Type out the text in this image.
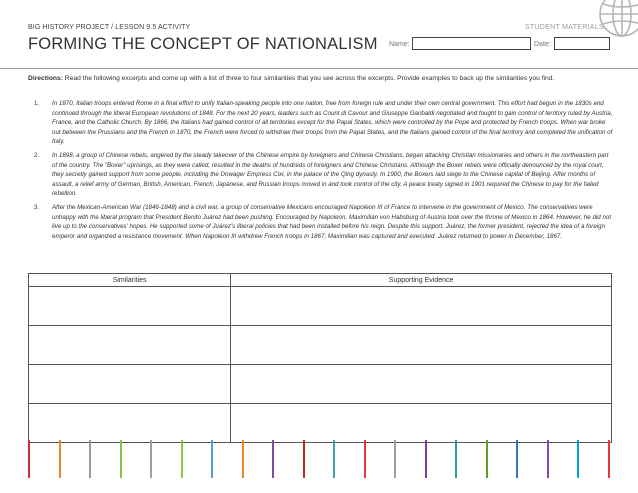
BIG HISTORY PROJECT / LESSON 9.5 ACTIVITY
FORMING THE CONCEPT OF NATIONALISM
STUDENT MATERIALS
Name:	Date:
Directions: Read the following excerpts and come up with a list of three to four similarities that you see across the excerpts. Provide examples to back up the similarities you find.
1. In 1870, Italian troops entered Rome in a final effort to unify Italian-speaking people into one nation, free from foreign rule and under their own central government. This effort had begun in the 1830s and continued through the liberal European revolutions of 1848. For the next 20 years, leaders such as Count di Cavour and Giuseppe Garibaldi negotiated and fought to gain control of territory ruled by Austria, France, and the Catholic Church. By 1866, the Italians had gained control of all territories except for the Papal States, which were controlled by the Pope and protected by French troops. When war broke out between the Prussians and the French in 1870, the French were forced to withdraw their troops from the Papal States, and the Italians gained control of the final territory and completed the unification of Italy.
2. In 1898, a group of Chinese rebels, angered by the steady takeover of the Chinese empire by foreigners and Chinese Christians, began attacking Christian missionaries and others in the northeastern part of the country. The "Boxer" uprisings, as they were called, resulted in the deaths of hundreds of foreigners and Chinese Christians. Although the Boxer rebels were officially denounced by the royal court, they secretly gained support from some people, including the Dowager Empress Cixi, in the palace of the Qing dynasty. In 1900, the Boxers laid siege to the Chinese capital of Beijing. After months of assault, a relief army of German, British, American, French, Japanese, and Russian troops moved in and took control of the city. A peace treaty signed in 1901 required the Chinese to pay for the failed rebellion.
3. After the Mexican-American War (1846-1848) and a civil war, a group of conservative Mexicans encouraged Napoleon III of France to intervene in the government of Mexico. The conservatives were unhappy with the liberal program that President Benito Juárez had been pushing. Encouraged by Napoleon, Maximilian von Habsburg of Austria took over the throne of Mexico in 1864. However, he did not live up to the conservatives' hopes. He supported some of Juárez's liberal policies that had been installed before his reign. Despite this support, Juárez, the former president, rejected the idea of a foreign emperor and organized a resistance movement. When Napoleon III withdrew French troops in 1867, Maximilian was captured and executed. Juárez returned to power in December, 1867.
Similarities	Supporting Evidence
